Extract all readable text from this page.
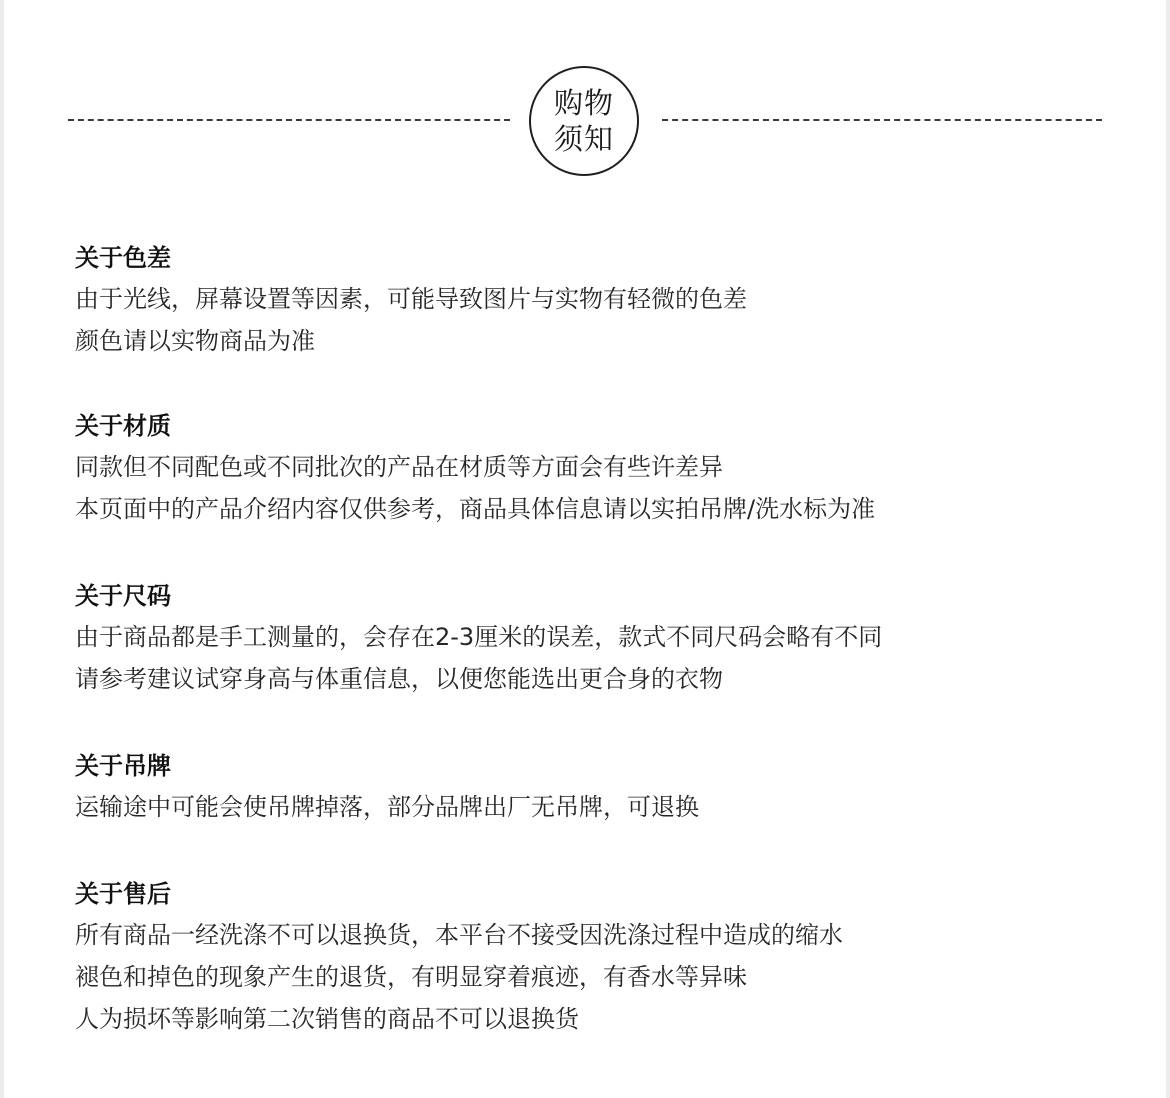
购物
须知
关于色差

由于光线，屏幕设置等因素，可能导致图片与实物有轻微的色差

颜色请以实物商品为准

关于材质

同款但不同配色或不同批次的产品在材质等方面会有些许差异

本页面中的产品介绍内容仅供参考，商品具体信息请以实拍吊牌/洗水标为准

关于尺码

由于商品都是手工测量的，会存在2-3厘米的误差，款式不同尺码会略有不同

请参考建议试穿身高与体重信息，以便您能选出更合身的衣物

关于吊牌

运输途中可能会使吊牌掉落，部分品牌出厂无吊牌，可退换

关于售后

所有商品一经洗涤不可以退换货，本平台不接受因洗涤过程中造成的缩水

褪色和掉色的现象产生的退货，有明显穿着痕迹，有香水等异味

人为损坏等影响第二次销售的商品不可以退换货
